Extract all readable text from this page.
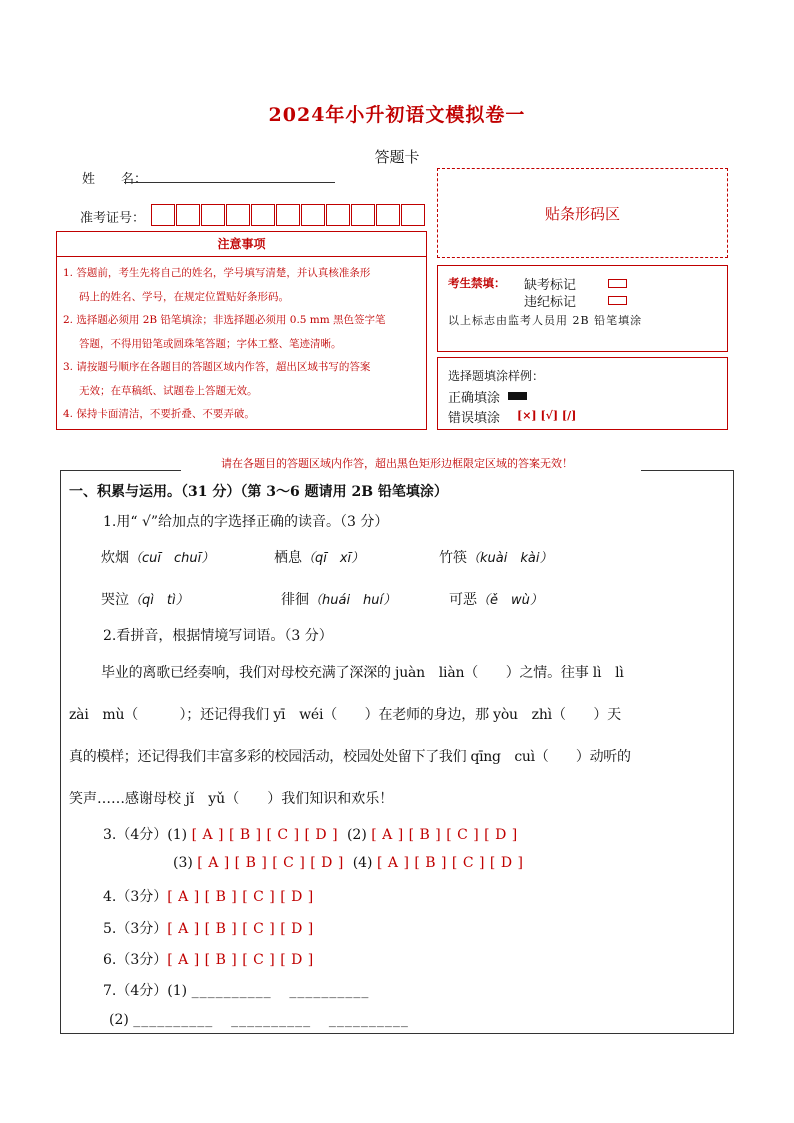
2024年小升初语文模拟卷一
答题卡
姓　　名：
准考证号：	贴条形码区
注意事项

1. 答题前，考生先将自己的姓名，学号填写清楚，并认真核准条形

码上的姓名、学号，在规定位置贴好条形码。

2. 选择题必须用 2B 铅笔填涂；非选择题必须用 0.5 mm 黑色签字笔

答题，不得用铅笔或圆珠笔答题；字体工整、笔迹清晰。

3. 请按题号顺序在各题目的答题区域内作答，超出区域书写的答案

无效；在草稿纸、试题卷上答题无效。

4. 保持卡面清洁，不要折叠、不要弄破。

考生禁填： 缺考标记
违纪标记
以上标志由监考人员用 2B 铅笔填涂
选择题填涂样例：
正确填涂
错误填涂 [×] [√] [/]
请在各题目的答题区域内作答，超出黑色矩形边框限定区域的答案无效！
一、积累与运用。（31 分）（第 3～6 题请用 2B 铅笔填涂）
1.用“ √”给加点的字选择正确的读音。（3 分）
炊烟（cuī　chuī）	栖息（qī　xī）	竹筷（kuài　kài）
哭泣（qì　tì）	徘徊（huái　huí）	可恶（ě　wù）
2.看拼音，根据情境写词语。（3 分）
毕业的离歌已经奏响，我们对母校充满了深深的 juàn　liàn（　　）之情。往事 lì　lì
zài　mù（　　　）；还记得我们 yī　wéi（　　）在老师的身边，那 yòu　zhì（　　）天
真的模样；还记得我们丰富多彩的校园活动，校园处处留下了我们 qīng　cuì（　　）动听的
笑声……感谢母校 jǐ　yǔ（　　）我们知识和欢乐！
3.（4分）(1) [ A ] [ B ] [ C ] [ D ] (2) [ A ] [ B ] [ C ] [ D ]
(3) [ A ] [ B ] [ C ] [ D ] (4) [ A ] [ B ] [ C ] [ D ]
4.（3分）[ A ] [ B ] [ C ] [ D ]
5.（3分）[ A ] [ B ] [ C ] [ D ]
6.（3分）[ A ] [ B ] [ C ] [ D ]
7.（4分）(1) __________ __________
(2) __________ __________ __________
